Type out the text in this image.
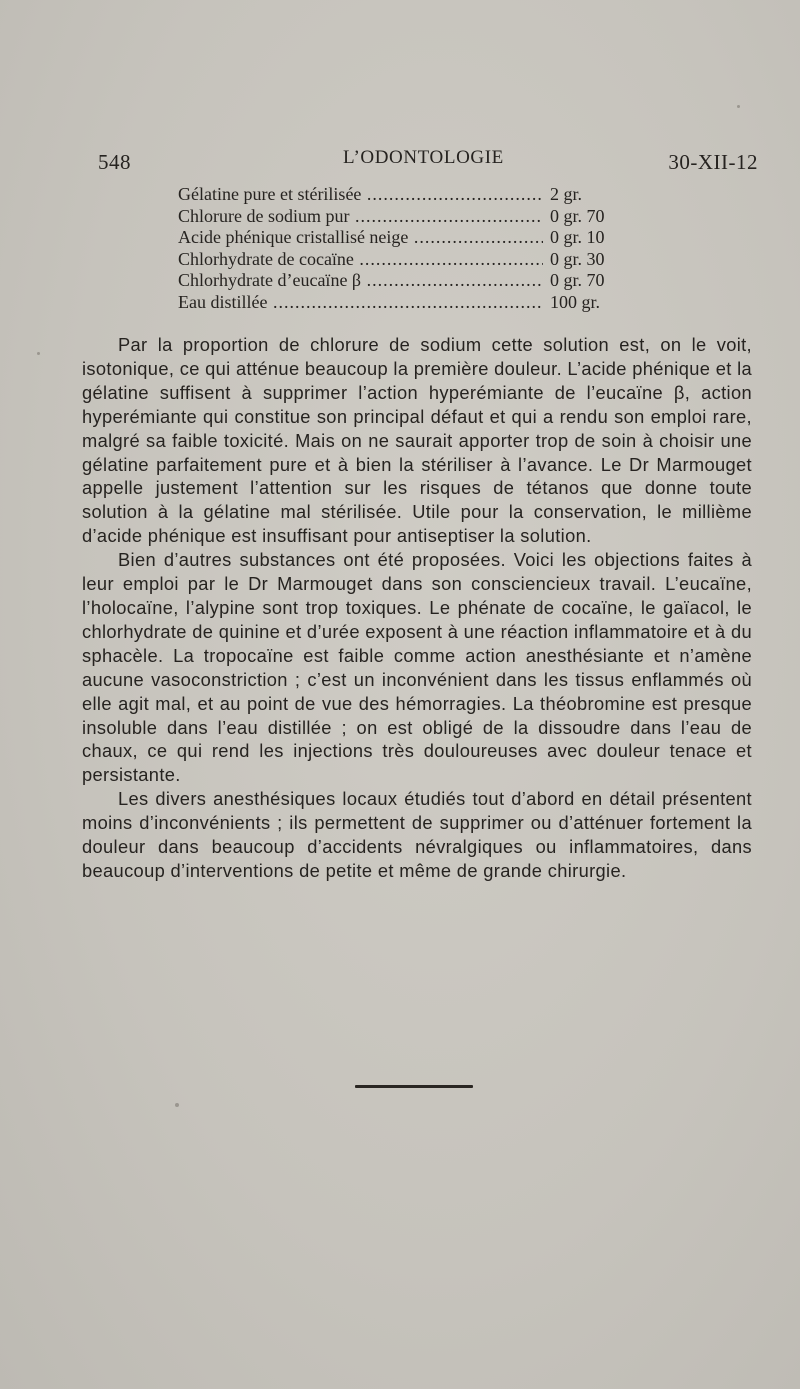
548	L’ODONTOLOGIE	30-XII-12
Gélatine pure et stérilisée .....	2 gr.
Chlorure de sodium pur .....	0 gr. 70
Acide phénique cristallisé neige .....	0 gr. 10
Chlorhydrate de cocaïne .....	0 gr. 30
Chlorhydrate d’eucaïne β .....	0 gr. 70
Eau distillée .....	100 gr.

Par la proportion de chlorure de sodium cette solution est, on le voit, isotonique, ce qui atténue beaucoup la première douleur. L’acide phénique et la gélatine suffisent à supprimer l’action hyperémiante de l’eucaïne β, action hyperémiante qui constitue son principal défaut et qui a rendu son emploi rare, malgré sa faible toxicité. Mais on ne saurait apporter trop de soin à choisir une gélatine parfaitement pure et à bien la stériliser à l’avance. Le Dr Marmouget appelle justement l’attention sur les risques de tétanos que donne toute solution à la gélatine mal stérilisée. Utile pour la conservation, le millième d’acide phénique est insuffisant pour antiseptiser la solution.

Bien d’autres substances ont été proposées. Voici les objections faites à leur emploi par le Dr Marmouget dans son consciencieux travail. L’eucaïne, l’holocaïne, l’alypine sont trop toxiques. Le phénate de cocaïne, le gaïacol, le chlorhydrate de quinine et d’urée exposent à une réaction inflammatoire et à du sphacèle. La tropocaïne est faible comme action anesthésiante et n’amène aucune vasoconstriction ; c’est un inconvénient dans les tissus enflammés où elle agit mal, et au point de vue des hémorragies. La théobromine est presque insoluble dans l’eau distillée ; on est obligé de la dissoudre dans l’eau de chaux, ce qui rend les injections très douloureuses avec douleur tenace et persistante.

Les divers anesthésiques locaux étudiés tout d’abord en détail présentent moins d’inconvénients ; ils permettent de supprimer ou d’atténuer fortement la douleur dans beaucoup d’accidents névralgiques ou inflammatoires, dans beaucoup d’interventions de petite et même de grande chirurgie.
